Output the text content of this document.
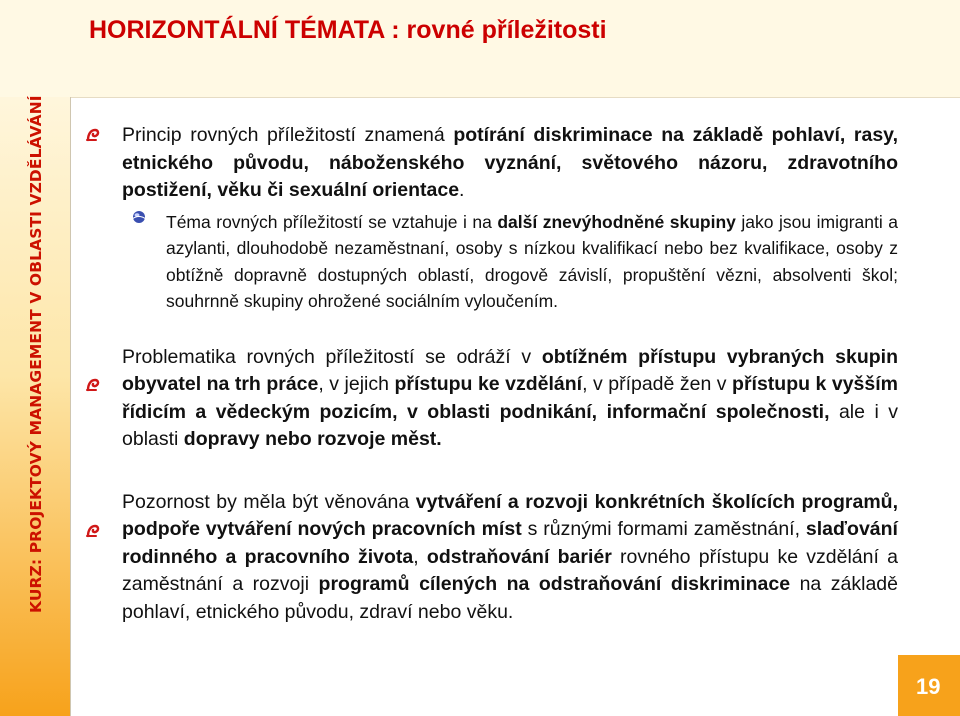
HORIZONTÁLNÍ TÉMATA : rovné příležitosti
KURZ: PROJEKTOVÝ MANAGEMENT V OBLASTI VZDĚLÁVÁNÍ	Princip rovných příležitostí znamená potírání diskriminace na základě pohlaví, rasy, etnického původu, náboženského vyznání, světového názoru, zdravotního postižení, věku či sexuální orientace.

Téma rovných příležitostí se vztahuje i na další znevýhodněné skupiny jako jsou imigranti a azylanti, dlouhodobě nezaměstnaní, osoby s nízkou kvalifikací nebo bez kvalifikace, osoby z obtížně dopravně dostupných oblastí, drogově závislí, propuštění vězni, absolventi škol; souhrnně skupiny ohrožené sociálním vyloučením.

Problematika rovných příležitostí se odráží v obtížném přístupu vybraných skupin obyvatel na trh práce, v jejich přístupu ke vzdělání, v případě žen v přístupu k vyšším řídicím a vědeckým pozicím, v oblasti podnikání, informační společnosti, ale i v oblasti dopravy nebo rozvoje měst.

Pozornost by měla být věnována vytváření a rozvoji konkrétních školících programů, podpoře vytváření nových pracovních míst s různými formami zaměstnání, slaďování rodinného a pracovního života, odstraňování bariér rovného přístupu ke vzdělání a zaměstnání a rozvoji programů cílených na odstraňování diskriminace na základě pohlaví, etnického původu, zdraví nebo věku.

19
